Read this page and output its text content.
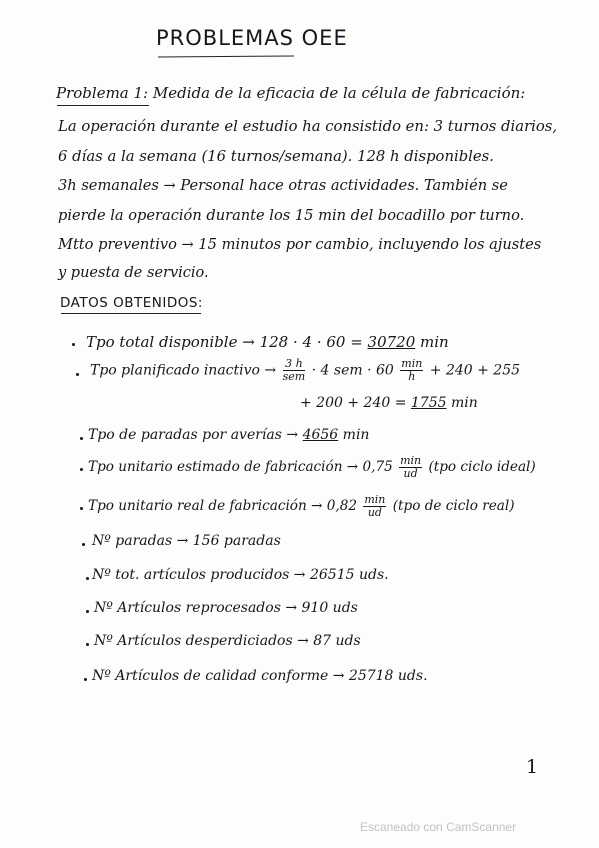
PROBLEMAS OEE
Problema 1: Medida de la eficacia de la célula de fabricación:
La operación durante el estudio ha consistido en: 3 turnos diarios,
6 días a la semana (16 turnos/semana). 128 h disponibles.
3h semanales → Personal hace otras actividades. También se
pierde la operación durante los 15 min del bocadillo por turno.
Mtto preventivo → 15 minutos por cambio, incluyendo los ajustes
y puesta de servicio.
DATOS OBTENIDOS:
Tpo total disponible → 128 · 4 · 60 = 30720 min
Tpo planificado inactivo → $\frac{3 h}{\text{sem}} \cdot 4$ sem · $60 \frac{\min}{h} + 240 + 255$
+ 200 + 240 = 1755 min
Tpo de paradas por averías → 4656 min
Tpo unitario estimado de fabricación → $0,75 \frac{\min}{ud} (tpo$ ciclo ideal)
Tpo unitario real de fabricación → $0,82 \frac{\min}{ud} (tpo$ de ciclo real)
Nº paradas → 156 paradas
Nº tot. artículos producidos → 26515 uds.
Nº Artículos reprocesados → 910 uds
Nº Artículos desperdiciados → 87 uds
Nº Artículos de calidad conforme → 25718 uds.
1
Escaneado con CamScanner
